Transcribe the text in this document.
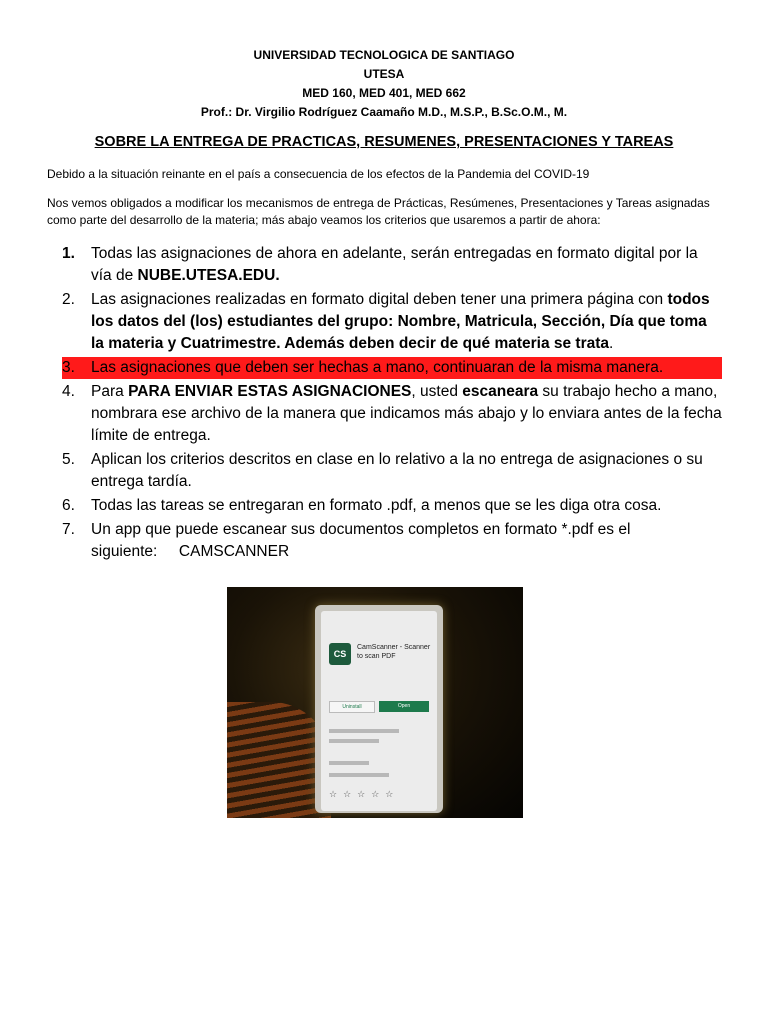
UNIVERSIDAD TECNOLOGICA DE SANTIAGO
UTESA
MED 160, MED 401, MED 662
Prof.: Dr. Virgilio Rodríguez Caamaño M.D., M.S.P., B.Sc.O.M., M.
SOBRE LA ENTREGA DE PRACTICAS, RESUMENES, PRESENTACIONES Y TAREAS
Debido a la situación reinante en el país a consecuencia de los efectos de la Pandemia del COVID-19
Nos vemos obligados a modificar los mecanismos de entrega de Prácticas, Resúmenes, Presentaciones y Tareas asignadas como parte del desarrollo de la materia; más abajo veamos los criterios que usaremos a partir de ahora:
1. Todas las asignaciones de ahora en adelante, serán entregadas en formato digital por la vía de NUBE.UTESA.EDU.
2. Las asignaciones realizadas en formato digital deben tener una primera página con todos los datos del (los) estudiantes del grupo: Nombre, Matricula, Sección, Día que toma la materia y Cuatrimestre. Además deben decir de qué materia se trata.
3. Las asignaciones que deben ser hechas a mano, continuaran de la misma manera.
4. Para PARA ENVIAR ESTAS ASIGNACIONES, usted escaneara su trabajo hecho a mano, nombrara ese archivo de la manera que indicamos más abajo y lo enviara antes de la fecha límite de entrega.
5. Aplican los criterios descritos en clase en lo relativo a la no entrega de asignaciones o su entrega tardía.
6. Todas las tareas se entregaran en formato .pdf, a menos que se les diga otra cosa.
7. Un app que puede escanear sus documentos completos en formato *.pdf es el siguiente: CAMSCANNER
CS
CamScanner - Scanner to scan PDF
Uninstall	Open
☆☆☆☆☆
